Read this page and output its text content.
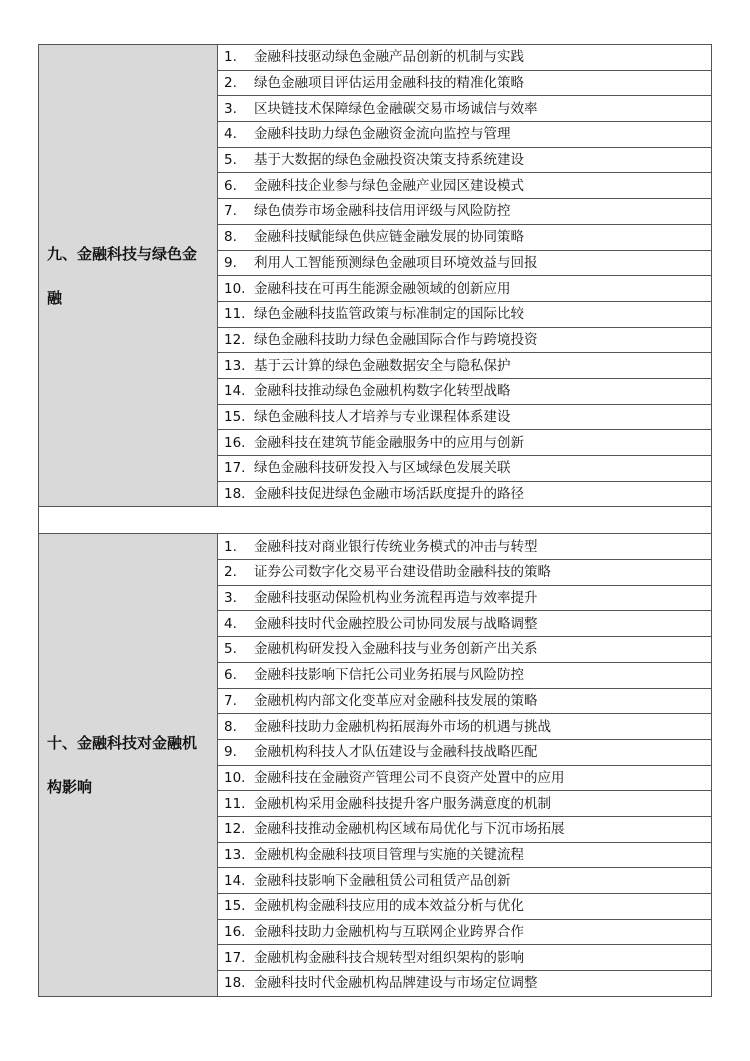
九、金融科技与绿色金融	1. 金融科技驱动绿色金融产品创新的机制与实践
	2. 绿色金融项目评估运用金融科技的精准化策略
	3. 区块链技术保障绿色金融碳交易市场诚信与效率
	4. 金融科技助力绿色金融资金流向监控与管理
	5. 基于大数据的绿色金融投资决策支持系统建设
	6. 金融科技企业参与绿色金融产业园区建设模式
	7. 绿色债券市场金融科技信用评级与风险防控
	8. 金融科技赋能绿色供应链金融发展的协同策略
	9. 利用人工智能预测绿色金融项目环境效益与回报
	10. 金融科技在可再生能源金融领域的创新应用
	11. 绿色金融科技监管政策与标准制定的国际比较
	12. 绿色金融科技助力绿色金融国际合作与跨境投资
	13. 基于云计算的绿色金融数据安全与隐私保护
	14. 金融科技推动绿色金融机构数字化转型战略
	15. 绿色金融科技人才培养与专业课程体系建设
	16. 金融科技在建筑节能金融服务中的应用与创新
	17. 绿色金融科技研发投入与区域绿色发展关联
	18. 金融科技促进绿色金融市场活跃度提升的路径

十、金融科技对金融机构影响	1. 金融科技对商业银行传统业务模式的冲击与转型
	2. 证券公司数字化交易平台建设借助金融科技的策略
	3. 金融科技驱动保险机构业务流程再造与效率提升
	4. 金融科技时代金融控股公司协同发展与战略调整
	5. 金融机构研发投入金融科技与业务创新产出关系
	6. 金融科技影响下信托公司业务拓展与风险防控
	7. 金融机构内部文化变革应对金融科技发展的策略
	8. 金融科技助力金融机构拓展海外市场的机遇与挑战
	9. 金融机构科技人才队伍建设与金融科技战略匹配
	10. 金融科技在金融资产管理公司不良资产处置中的应用
	11. 金融机构采用金融科技提升客户服务满意度的机制
	12. 金融科技推动金融机构区域布局优化与下沉市场拓展
	13. 金融机构金融科技项目管理与实施的关键流程
	14. 金融科技影响下金融租赁公司租赁产品创新
	15. 金融机构金融科技应用的成本效益分析与优化
	16. 金融科技助力金融机构与互联网企业跨界合作
	17. 金融机构金融科技合规转型对组织架构的影响
	18. 金融科技时代金融机构品牌建设与市场定位调整
